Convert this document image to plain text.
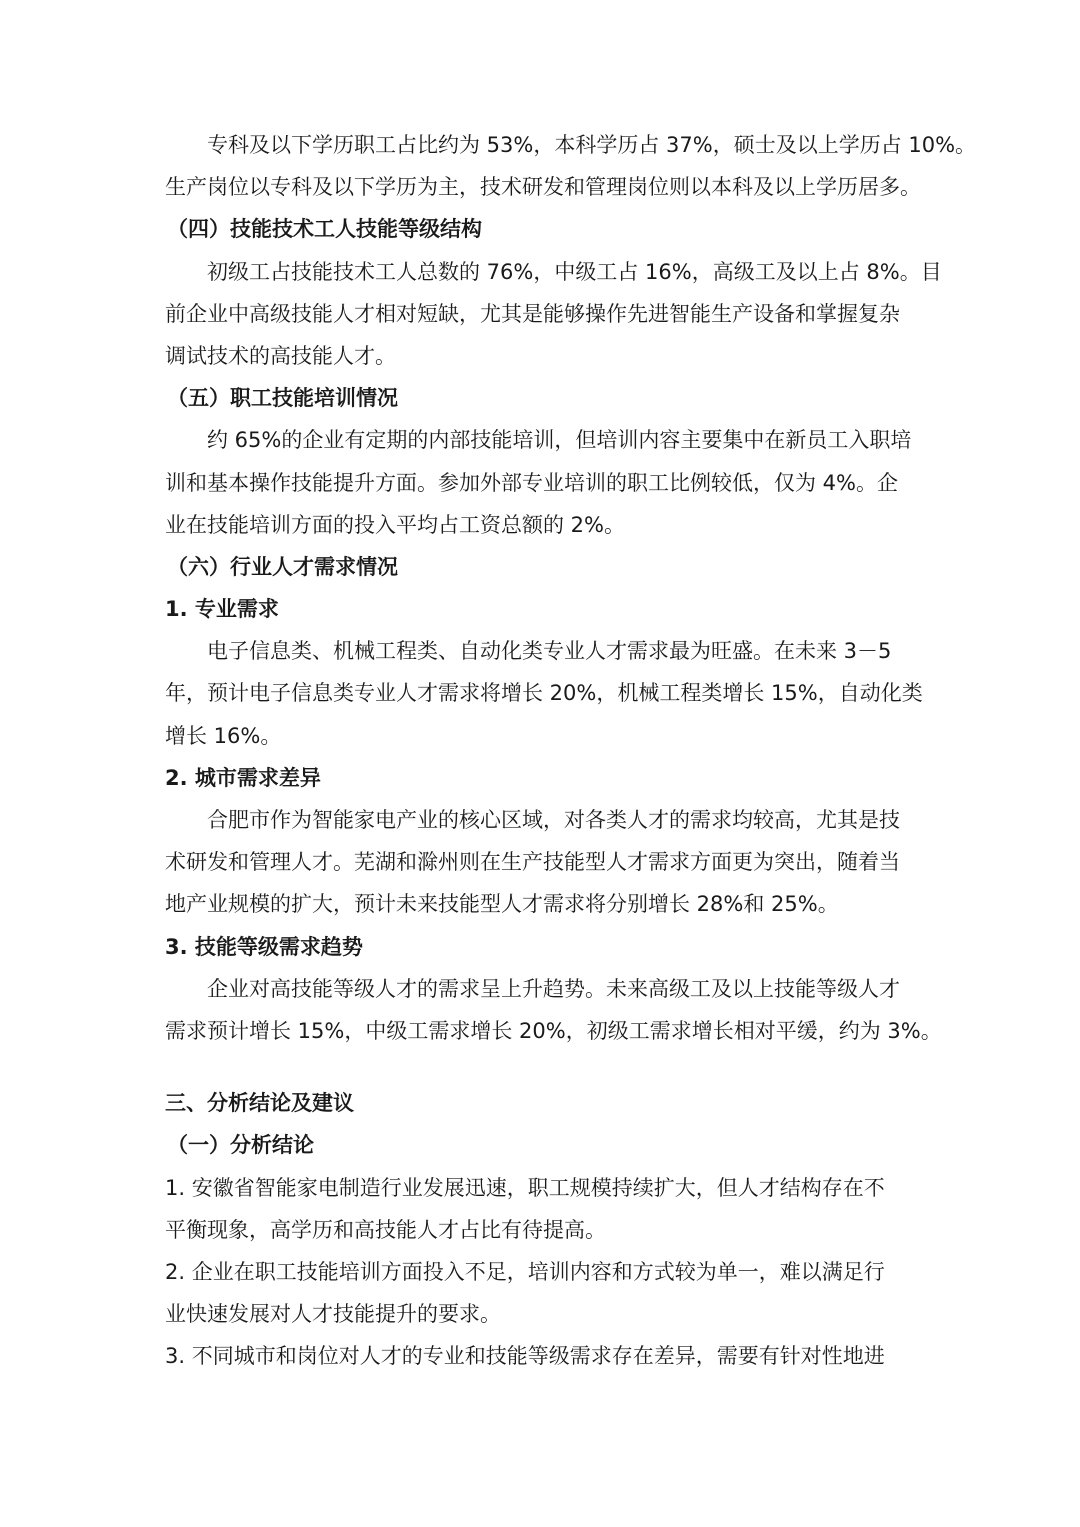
专科及以下学历职工占比约为 53%，本科学历占 37%，硕士及以上学历占 10%。
生产岗位以专科及以下学历为主，技术研发和管理岗位则以本科及以上学历居多。
（四）技能技术工人技能等级结构
初级工占技能技术工人总数的 76%，中级工占 16%，高级工及以上占 8%。目
前企业中高级技能人才相对短缺，尤其是能够操作先进智能生产设备和掌握复杂
调试技术的高技能人才。
（五）职工技能培训情况
约 65%的企业有定期的内部技能培训，但培训内容主要集中在新员工入职培
训和基本操作技能提升方面。参加外部专业培训的职工比例较低，仅为 4%。企
业在技能培训方面的投入平均占工资总额的 2%。
（六）行业人才需求情况
1. 专业需求
电子信息类、机械工程类、自动化类专业人才需求最为旺盛。在未来 3－5
年，预计电子信息类专业人才需求将增长 20%，机械工程类增长 15%，自动化类
增长 16%。
2. 城市需求差异
合肥市作为智能家电产业的核心区域，对各类人才的需求均较高，尤其是技
术研发和管理人才。芜湖和滁州则在生产技能型人才需求方面更为突出，随着当
地产业规模的扩大，预计未来技能型人才需求将分别增长 28%和 25%。
3. 技能等级需求趋势
企业对高技能等级人才的需求呈上升趋势。未来高级工及以上技能等级人才
需求预计增长 15%，中级工需求增长 20%，初级工需求增长相对平缓，约为 3%。
三、分析结论及建议
（一）分析结论
1. 安徽省智能家电制造行业发展迅速，职工规模持续扩大，但人才结构存在不
平衡现象，高学历和高技能人才占比有待提高。
2. 企业在职工技能培训方面投入不足，培训内容和方式较为单一，难以满足行
业快速发展对人才技能提升的要求。
3. 不同城市和岗位对人才的专业和技能等级需求存在差异，需要有针对性地进
